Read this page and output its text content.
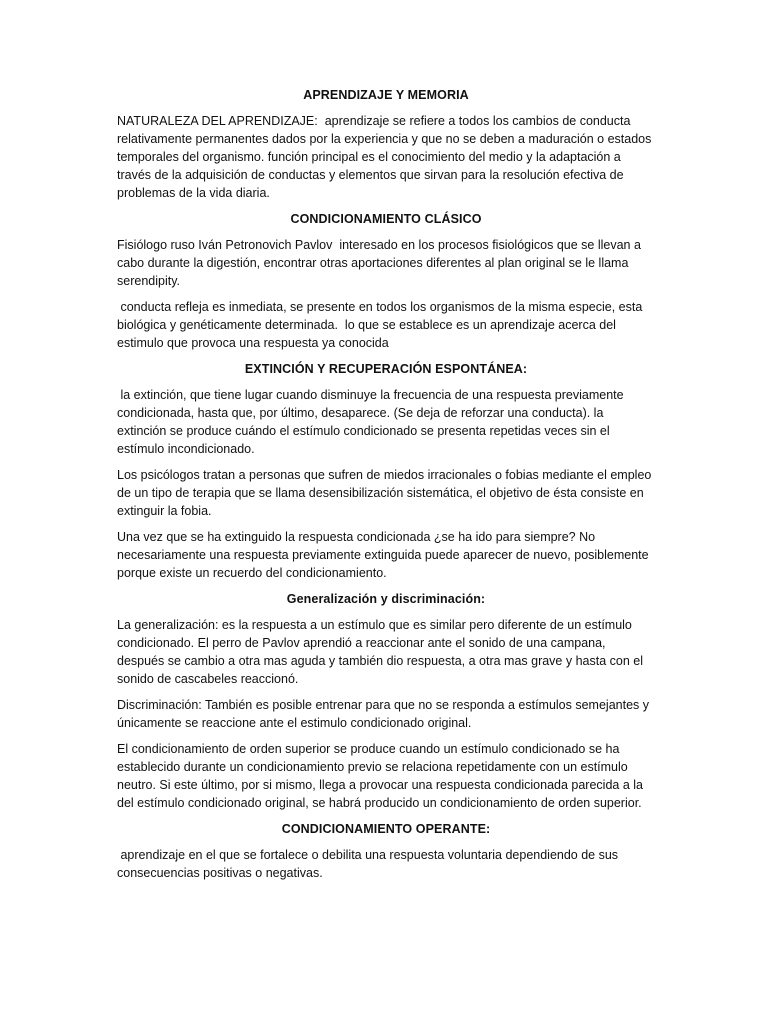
APRENDIZAJE Y MEMORIA

NATURALEZA DEL APRENDIZAJE:  aprendizaje se refiere a todos los cambios de conducta relativamente permanentes dados por la experiencia y que no se deben a maduración o estados temporales del organismo. función principal es el conocimiento del medio y la adaptación a través de la adquisición de conductas y elementos que sirvan para la resolución efectiva de problemas de la vida diaria.

CONDICIONAMIENTO CLÁSICO

Fisiólogo ruso Iván Petronovich Pavlov  interesado en los procesos fisiológicos que se llevan a cabo durante la digestión, encontrar otras aportaciones diferentes al plan original se le llama serendipity.

conducta refleja es inmediata, se presente en todos los organismos de la misma especie, esta biológica y genéticamente determinada.  lo que se establece es un aprendizaje acerca del estimulo que provoca una respuesta ya conocida

EXTINCIÓN Y RECUPERACIÓN ESPONTÁNEA:

la extinción, que tiene lugar cuando disminuye la frecuencia de una respuesta previamente condicionada, hasta que, por último, desaparece. (Se deja de reforzar una conducta). la extinción se produce cuándo el estímulo condicionado se presenta repetidas veces sin el estímulo incondicionado.

Los psicólogos tratan a personas que sufren de miedos irracionales o fobias mediante el empleo de un tipo de terapia que se llama desensibilización sistemática, el objetivo de ésta consiste en extinguir la fobia.

Una vez que se ha extinguido la respuesta condicionada ¿se ha ido para siempre? No necesariamente una respuesta previamente extinguida puede aparecer de nuevo, posiblemente porque existe un recuerdo del condicionamiento.

Generalización y discriminación:

La generalización: es la respuesta a un estímulo que es similar pero diferente de un estímulo condicionado. El perro de Pavlov aprendió a reaccionar ante el sonido de una campana, después se cambio a otra mas aguda y también dio respuesta, a otra mas grave y hasta con el sonido de cascabeles reaccionó.

Discriminación: También es posible entrenar para que no se responda a estímulos semejantes y únicamente se reaccione ante el estimulo condicionado original.

El condicionamiento de orden superior se produce cuando un estímulo condicionado se ha establecido durante un condicionamiento previo se relaciona repetidamente con un estímulo neutro. Si este último, por si mismo, llega a provocar una respuesta condicionada parecida a la del estímulo condicionado original, se habrá producido un condicionamiento de orden superior.

CONDICIONAMIENTO OPERANTE:

aprendizaje en el que se fortalece o debilita una respuesta voluntaria dependiendo de sus consecuencias positivas o negativas.
